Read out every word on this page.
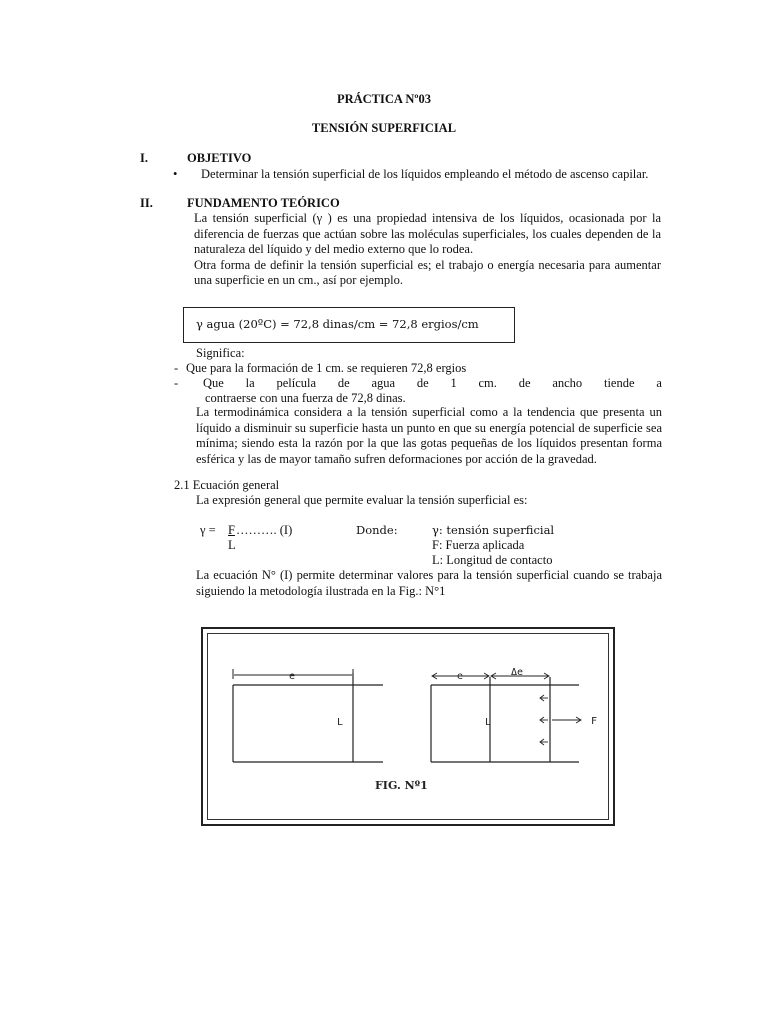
PRÁCTICA Nº03
TENSIÓN SUPERFICIAL
I.	OBJETIVO
• Determinar la tensión superficial de los líquidos empleando el método de ascenso capilar.
II.	FUNDAMENTO TEÓRICO

La tensión superficial (γ ) es una propiedad intensiva de los líquidos, ocasionada por la diferencia de fuerzas que actúan sobre las moléculas superficiales, los cuales dependen de la naturaleza del líquido y del medio externo que lo rodea.

Otra forma de definir la tensión superficial es; el trabajo o energía necesaria para aumentar una superficie en un cm., así por ejemplo.

γ agua (20ºC) = 72,8 dinas/cm = 72,8 ergios/cm
Significa:
- Que para la formación de 1 cm. se requieren 72,8 ergios
- Que la película de agua de 1 cm. de ancho tiende a
contraerse con una fuerza de 72,8 dinas.
La termodinámica considera a la tensión superficial como a la tendencia que presenta un líquido a disminuir su superficie hasta un punto en que su energía potencial de superficie sea mínima; siendo esta la razón por la que las gotas pequeñas de los líquidos presentan forma esférica y las de mayor tamaño sufren deformaciones por acción de la gravedad.
2.1 Ecuación general
La expresión general que permite evaluar la tensión superficial es:
γ = F ………. (I)
L
Donde:	γ: tensión superficial
F: Fuerza aplicada
L: Longitud de contacto
La ecuación N° (I) permite determinar valores para la tensión superficial cuando se trabaja siguiendo la metodología ilustrada en la Fig.: N°1
e
L
e	Δe
L	F
FIG. Nº1
